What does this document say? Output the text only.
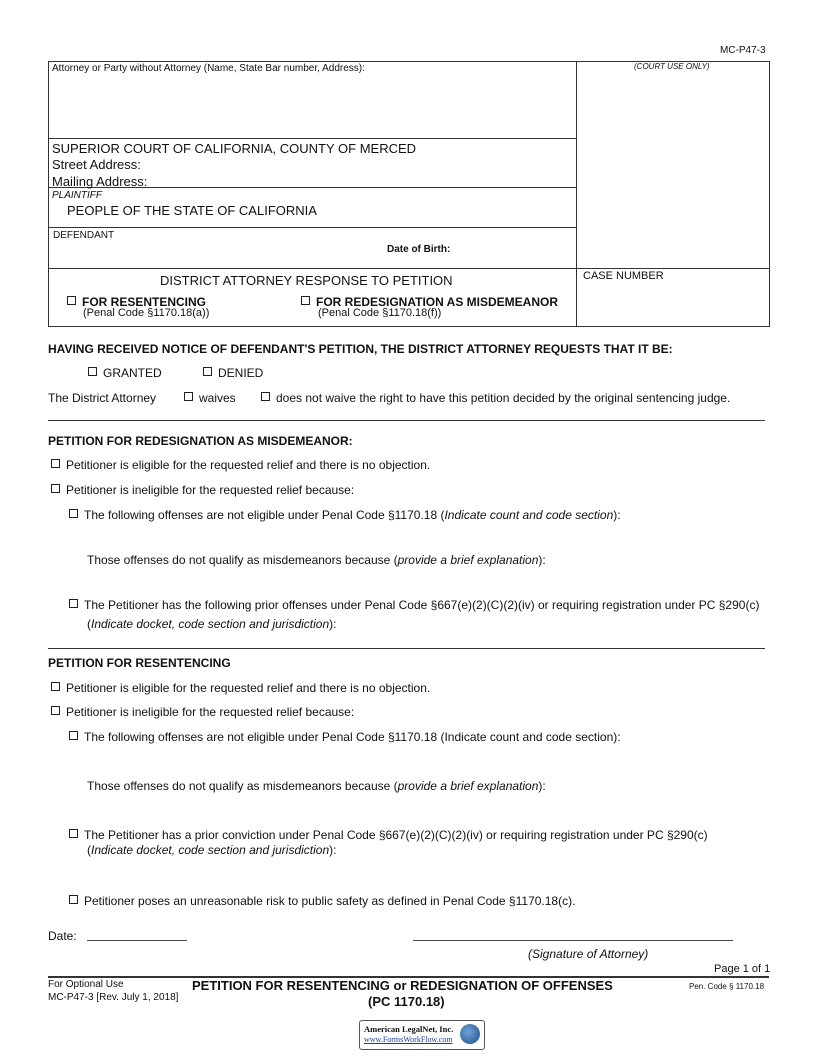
MC-P47-3
Attorney or Party without Attorney (Name, State Bar number, Address):	(COURT USE ONLY)
SUPERIOR COURT OF CALIFORNIA, COUNTY OF MERCED
Street Address:
Mailing Address:
PLAINTIFF
PEOPLE OF THE STATE OF CALIFORNIA
DEFENDANT
Date of Birth:
DISTRICT ATTORNEY RESPONSE TO PETITION	CASE NUMBER
FOR RESENTENCING
(Penal Code §1170.18(a))
FOR REDESIGNATION AS MISDEMEANOR
(Penal Code §1170.18(f))
HAVING RECEIVED NOTICE OF DEFENDANT'S PETITION, THE DISTRICT ATTORNEY REQUESTS THAT IT BE:
GRANTED	DENIED
The District Attorney	waives	does not waive the right to have this petition decided by the original sentencing judge.
PETITION FOR REDESIGNATION AS MISDEMEANOR:
Petitioner is eligible for the requested relief and there is no objection.
Petitioner is ineligible for the requested relief because:
The following offenses are not eligible under Penal Code §1170.18 (Indicate count and code section):
Those offenses do not qualify as misdemeanors because (provide a brief explanation):
The Petitioner has the following prior offenses under Penal Code §667(e)(2)(C)(2)(iv) or requiring registration under PC §290(c)
(Indicate docket, code section and jurisdiction):
PETITION FOR RESENTENCING
Petitioner is eligible for the requested relief and there is no objection.
Petitioner is ineligible for the requested relief because:
The following offenses are not eligible under Penal Code §1170.18 (Indicate count and code section):
Those offenses do not qualify as misdemeanors because (provide a brief explanation):
The Petitioner has a prior conviction under Penal Code §667(e)(2)(C)(2)(iv) or requiring registration under PC §290(c)
(Indicate docket, code section and jurisdiction):
Petitioner poses an unreasonable risk to public safety as defined in Penal Code §1170.18(c).
Date:
(Signature of Attorney)
Page 1 of 1
For Optional Use
MC-P47-3 [Rev. July 1, 2018]
PETITION FOR RESENTENCING or REDESIGNATION OF OFFENSES
(PC 1170.18)
Pen. Code § 1170.18
American LegalNet, Inc.
www.FormsWorkFlow.com
